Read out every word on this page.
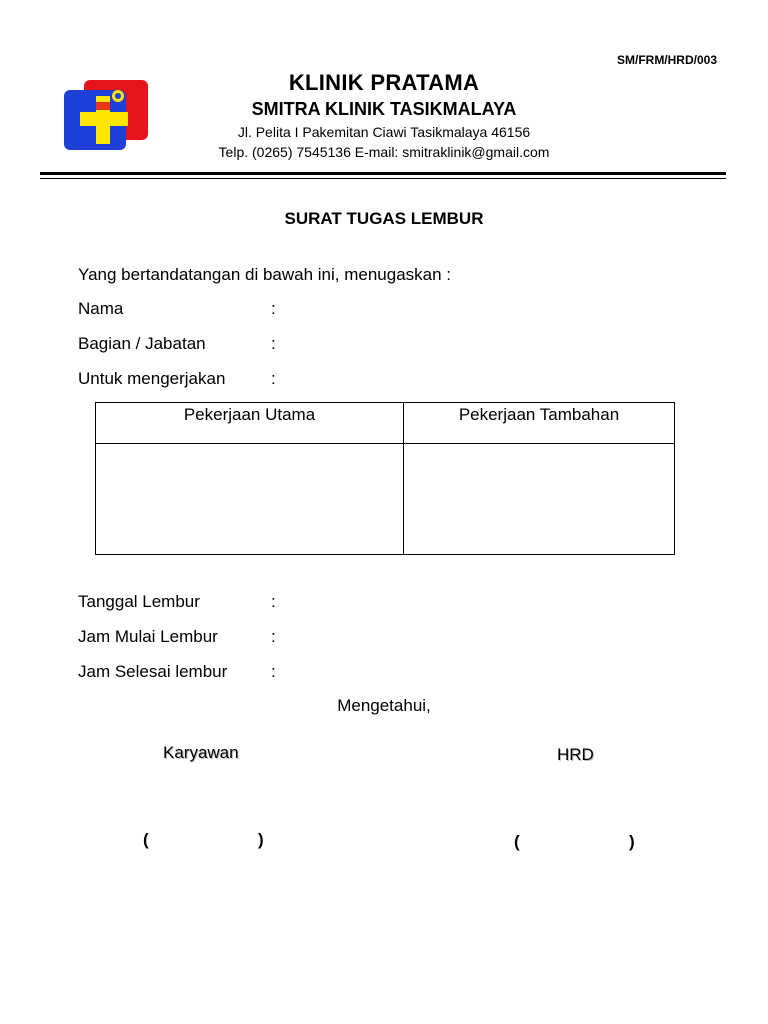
SM/FRM/HRD/003
KLINIK PRATAMA
SMITRA KLINIK TASIKMALAYA
Jl. Pelita I Pakemitan Ciawi Tasikmalaya 46156
Telp. (0265) 7545136 E-mail: smitraklinik@gmail.com
SURAT TUGAS LEMBUR
Yang bertandatangan di bawah ini, menugaskan :
Nama	:
Bagian / Jabatan	:
Untuk mengerjakan	:
Pekerjaan Utama	Pekerjaan Tambahan

Tanggal Lembur	:
Jam Mulai Lembur	:
Jam Selesai lembur	:
Mengetahui,
Karyawan	HRD
(	)	(	)
